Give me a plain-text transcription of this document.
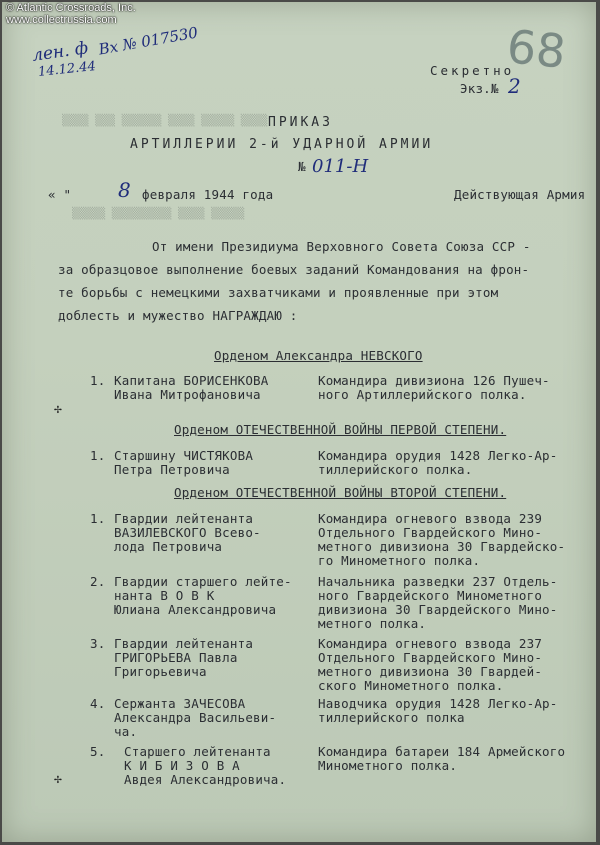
© Atlantic Crossroads, Inc.
www.collectrussia.com
лен. ф
14.12.44
Вх № 017530	68
▒▒▒▒ ▒▒▒ ▒▒▒▒▒▒ ▒▒▒▒ ▒▒▒▒▒ ▒▒▒▒
▒▒▒▒▒ ▒▒▒▒▒▒▒▒▒ ▒▒▒▒ ▒▒▒▒▒
Секретно
Экз.№ 2
ПРИКАЗ
АРТИЛЛЕРИИ 2-й УДАРНОЙ АРМИИ
№ 011-Н
« " 8 февраля 1944 года	Действующая Армия
От имени Президиума Верховного Совета Союза ССР -
за образцовое выполнение боевых заданий Командования на фрон-
те борьбы с немецкими захватчиками и проявленные при этом
доблесть и мужество НАГРАЖДАЮ :
Орденом Александра НЕВСКОГО
1. Капитана БОРИСЕНКОВА
Ивана Митрофановича
Командира дивизиона 126 Пушеч-
ного Артиллерийского полка.
Орденом ОТЕЧЕСТВЕННОЙ ВОЙНЫ ПЕРВОЙ СТЕПЕНИ.
1. Старшину ЧИСТЯКОВА
Петра Петровича
Командира орудия 1428 Легко-Ар-
тиллерийского полка.
Орденом ОТЕЧЕСТВЕННОЙ ВОЙНЫ ВТОРОЙ СТЕПЕНИ.
1. Гвардии лейтенанта
ВАЗИЛЕВСКОГО Всево-
лода Петровича
Командира огневого взвода 239
Отдельного Гвардейского Мино-
метного дивизиона 30 Гвардейско-
го Минометного полка.
2. Гвардии старшего лейте-
нанта В О В К
Юлиана Александровича
Начальника разведки 237 Отдель-
ного Гвардейского Минометного
дивизиона 30 Гвардейского Мино-
метного полка.
3. Гвардии лейтенанта
ГРИГОРЬЕВА Павла
Григорьевича
Командира огневого взвода 237
Отдельного Гвардейского Мино-
метного дивизиона 30 Гвардей-
ского Минометного полка.
4. Сержанта ЗАЧЕСОВА
Александра Васильеви-
ча.
Наводчика орудия 1428 Легко-Ар-
тиллерийского полка
5. Старшего лейтенанта
К И Б И З О В А
Авдея Александровича.
Командира батареи 184 Армейского
Минометного полка.
✢
✢
